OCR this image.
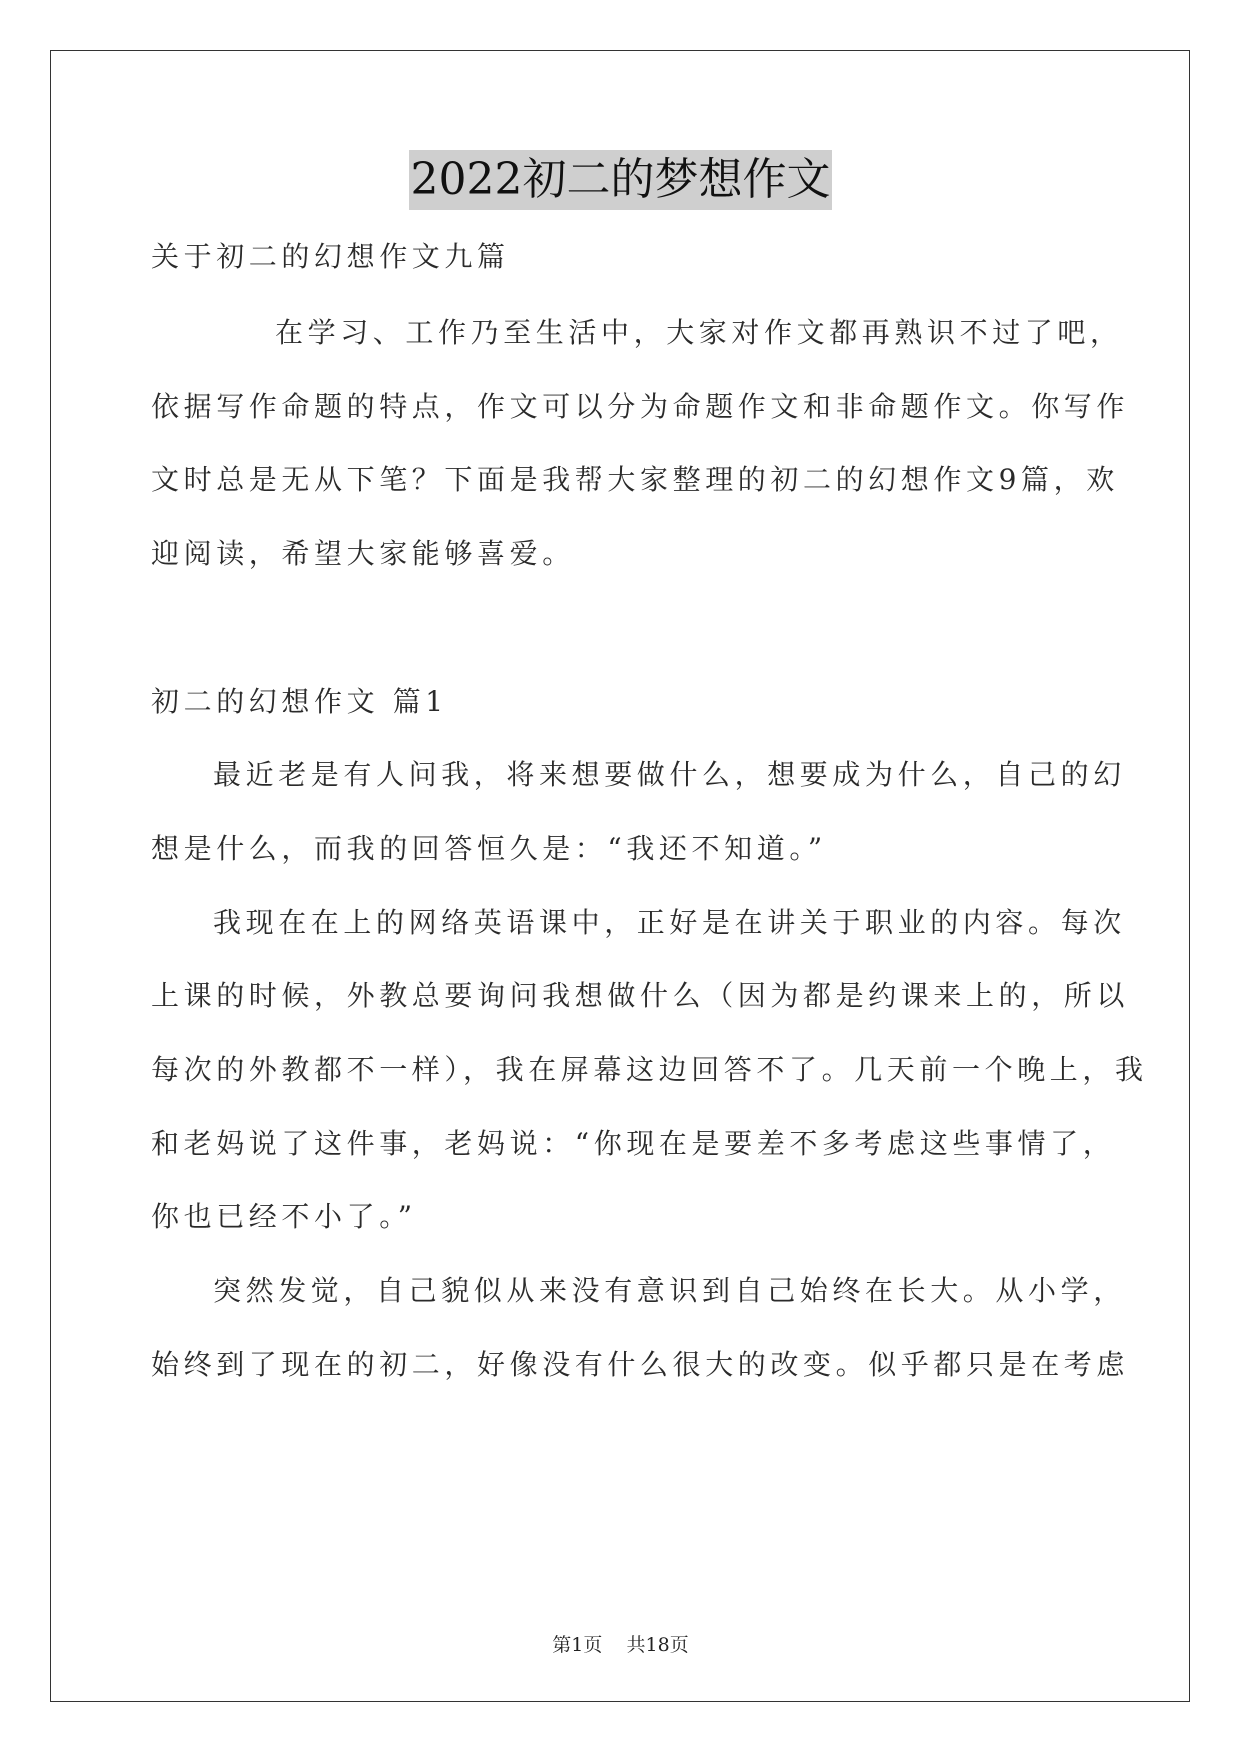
2022初二的梦想作文
关于初二的幻想作文九篇
在学习、工作乃至生活中，大家对作文都再熟识不过了吧，
依据写作命题的特点，作文可以分为命题作文和非命题作文。你写作
文时总是无从下笔？下面是我帮大家整理的初二的幻想作文9篇，欢
迎阅读，希望大家能够喜爱。
初二的幻想作文 篇1
最近老是有人问我，将来想要做什么，想要成为什么，自己的幻
想是什么，而我的回答恒久是：“我还不知道。”
我现在在上的网络英语课中，正好是在讲关于职业的内容。每次
上课的时候，外教总要询问我想做什么（因为都是约课来上的，所以
每次的外教都不一样），我在屏幕这边回答不了。几天前一个晚上，我
和老妈说了这件事，老妈说：“你现在是要差不多考虑这些事情了，
你也已经不小了。”
突然发觉，自己貌似从来没有意识到自己始终在长大。从小学，
始终到了现在的初二，好像没有什么很大的改变。似乎都只是在考虑
第1页 共18页
